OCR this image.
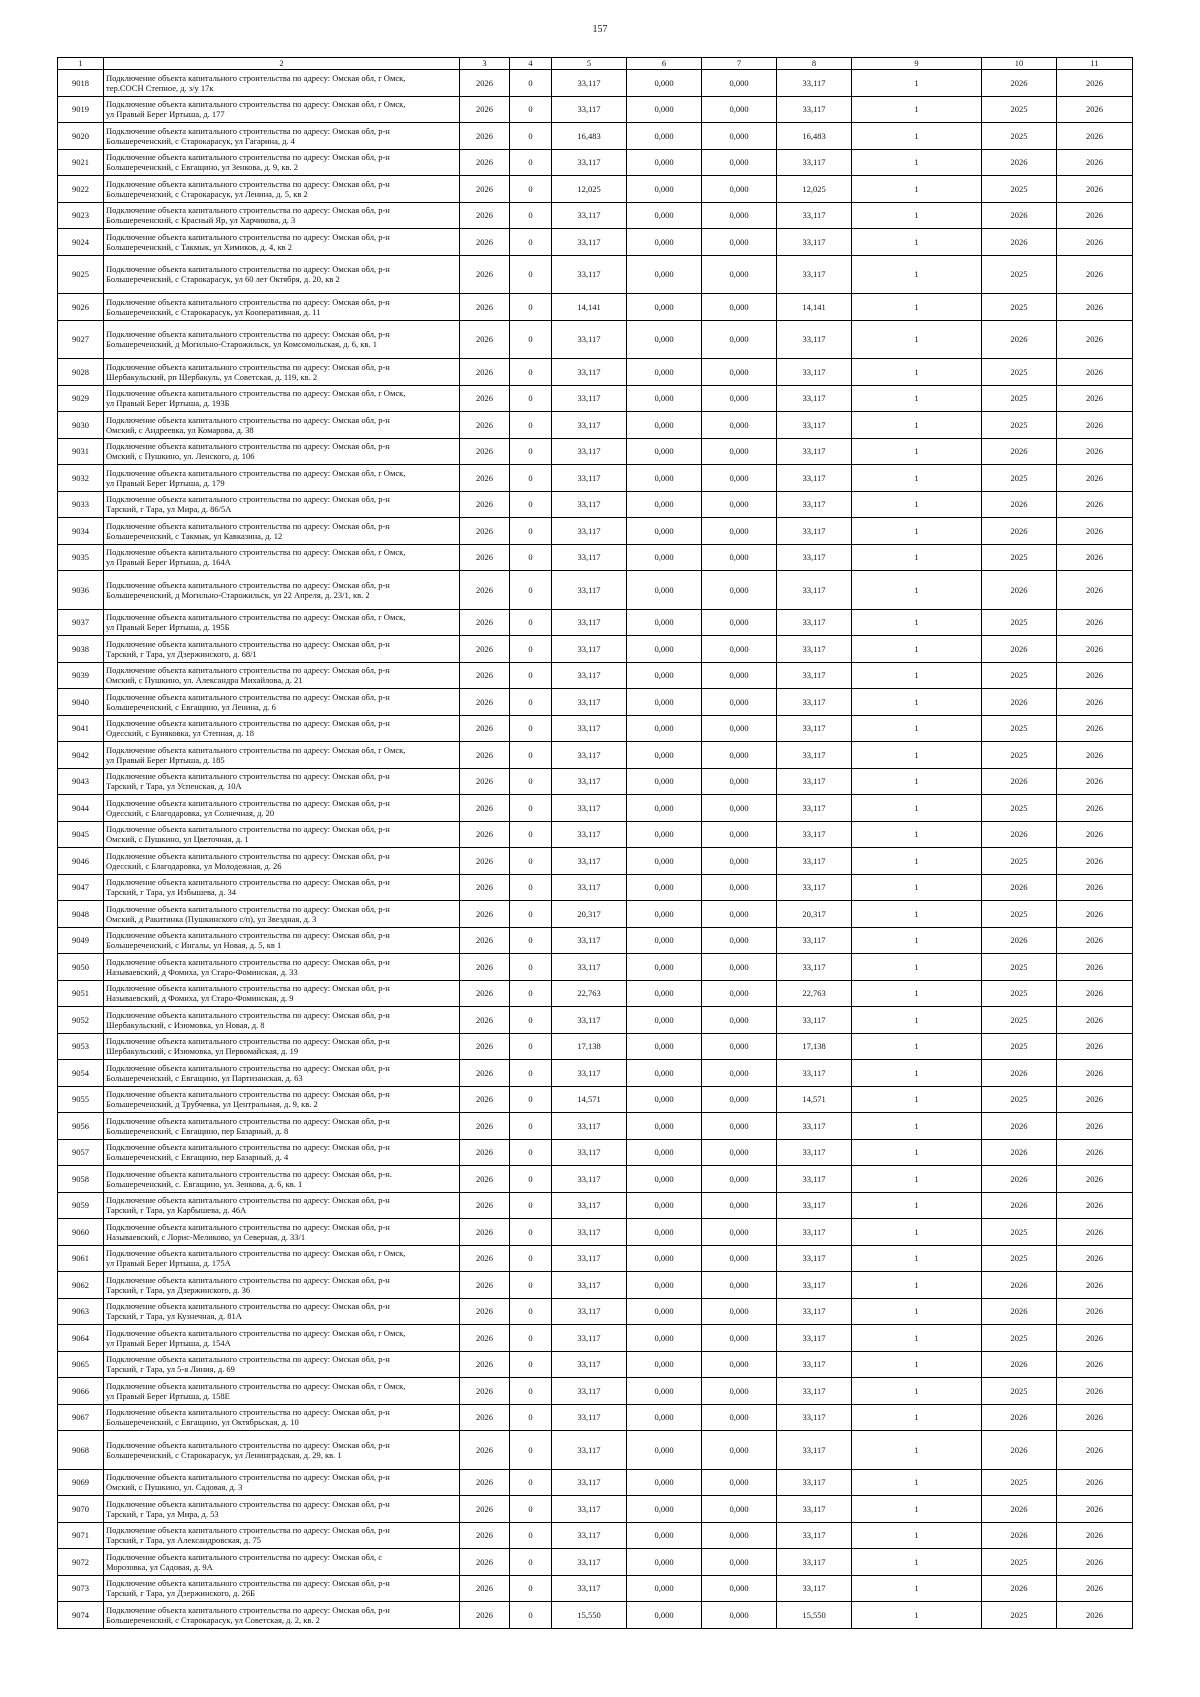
157
1	2	3	4	5	6	7	8	9	10	11
9018	Подключение объекта капитального строительства по адресу: Омская обл, г Омск,
тер.СОСН Степное, д. з/у 17к	2026	0	33,117	0,000	0,000	33,117	1	2026	2026
9019	Подключение объекта капитального строительства по адресу: Омская обл, г Омск,
ул Правый Берег Иртыша, д. 177	2026	0	33,117	0,000	0,000	33,117	1	2025	2026
9020	Подключение объекта капитального строительства по адресу: Омская обл, р-н
Большереченский, с Старокарасук, ул Гагарина, д. 4	2026	0	16,483	0,000	0,000	16,483	1	2025	2026
9021	Подключение объекта капитального строительства по адресу: Омская обл, р-н
Большереченский, с Евгащино, ул Зенкова, д. 9, кв. 2	2026	0	33,117	0,000	0,000	33,117	1	2026	2026
9022	Подключение объекта капитального строительства по адресу: Омская обл, р-н
Большереченский, с Старокарасук, ул Ленина, д. 5, кв 2	2026	0	12,025	0,000	0,000	12,025	1	2025	2026
9023	Подключение объекта капитального строительства по адресу: Омская обл, р-н
Большереченский, с Красный Яр, ул Харчикова, д. 3	2026	0	33,117	0,000	0,000	33,117	1	2026	2026
9024	Подключение объекта капитального строительства по адресу: Омская обл, р-н
Большереченский, с Такмык, ул Химиков, д. 4, кв 2	2026	0	33,117	0,000	0,000	33,117	1	2026	2026
9025	Подключение объекта капитального строительства по адресу: Омская обл, р-н
Большереченский, с Старокарасук, ул 60 лет Октября, д. 20, кв 2	2026	0	33,117	0,000	0,000	33,117	1	2025	2026
9026	Подключение объекта капитального строительства по адресу: Омская обл, р-н
Большереченский, с Старокарасук, ул Кооперативная, д. 11	2026	0	14,141	0,000	0,000	14,141	1	2025	2026
9027	Подключение объекта капитального строительства по адресу: Омская обл, р-н
Большереченский, д Могильно-Старожильск, ул Комсомольская, д. 6, кв. 1	2026	0	33,117	0,000	0,000	33,117	1	2026	2026
9028	Подключение объекта капитального строительства по адресу: Омская обл, р-н
Шербакульский, рп Шербакуль, ул Советская, д. 119, кв. 2	2026	0	33,117	0,000	0,000	33,117	1	2025	2026
9029	Подключение объекта капитального строительства по адресу: Омская обл, г Омск,
ул Правый Берег Иртыша, д. 193Б	2026	0	33,117	0,000	0,000	33,117	1	2025	2026
9030	Подключение объекта капитального строительства по адресу: Омская обл, р-н
Омский, с Андреевка, ул Комарова, д. 38	2026	0	33,117	0,000	0,000	33,117	1	2025	2026
9031	Подключение объекта капитального строительства по адресу: Омская обл, р-н
Омский, с Пушкино, ул. Ленского, д. 106	2026	0	33,117	0,000	0,000	33,117	1	2026	2026
9032	Подключение объекта капитального строительства по адресу: Омская обл, г Омск,
ул Правый Берег Иртыша, д. 179	2026	0	33,117	0,000	0,000	33,117	1	2025	2026
9033	Подключение объекта капитального строительства по адресу: Омская обл, р-н
Тарский, г Тара, ул Мира, д. 86/5А	2026	0	33,117	0,000	0,000	33,117	1	2026	2026
9034	Подключение объекта капитального строительства по адресу: Омская обл, р-н
Большереченский, с Такмык, ул Кавказина, д. 12	2026	0	33,117	0,000	0,000	33,117	1	2026	2026
9035	Подключение объекта капитального строительства по адресу: Омская обл, г Омск,
ул Правый Берег Иртыша, д. 164А	2026	0	33,117	0,000	0,000	33,117	1	2025	2026
9036	Подключение объекта капитального строительства по адресу: Омская обл, р-н
Большереченский, д Могильно-Старожильск, ул 22 Апреля, д. 23/1, кв. 2	2026	0	33,117	0,000	0,000	33,117	1	2026	2026
9037	Подключение объекта капитального строительства по адресу: Омская обл, г Омск,
ул Правый Берег Иртыша, д. 195Б	2026	0	33,117	0,000	0,000	33,117	1	2025	2026
9038	Подключение объекта капитального строительства по адресу: Омская обл, р-н
Тарский, г Тара, ул Дзержинского, д. 68/1	2026	0	33,117	0,000	0,000	33,117	1	2026	2026
9039	Подключение объекта капитального строительства по адресу: Омская обл, р-н
Омский, с Пушкино, ул. Александра Михайлова, д. 21	2026	0	33,117	0,000	0,000	33,117	1	2025	2026
9040	Подключение объекта капитального строительства по адресу: Омская обл, р-н
Большереченский, с Евгащино, ул Ленина, д. 6	2026	0	33,117	0,000	0,000	33,117	1	2026	2026
9041	Подключение объекта капитального строительства по адресу: Омская обл, р-н
Одесский, с Буняковка, ул Степная, д. 18	2026	0	33,117	0,000	0,000	33,117	1	2025	2026
9042	Подключение объекта капитального строительства по адресу: Омская обл, г Омск,
ул Правый Берег Иртыша, д. 185	2026	0	33,117	0,000	0,000	33,117	1	2025	2026
9043	Подключение объекта капитального строительства по адресу: Омская обл, р-н
Тарский, г Тара, ул Успенская, д. 10А	2026	0	33,117	0,000	0,000	33,117	1	2026	2026
9044	Подключение объекта капитального строительства по адресу: Омская обл, р-н
Одесский, с Благодаровка, ул Солнечная, д. 20	2026	0	33,117	0,000	0,000	33,117	1	2025	2026
9045	Подключение объекта капитального строительства по адресу: Омская обл, р-н
Омский, с Пушкино, ул Цветочная, д. 1	2026	0	33,117	0,000	0,000	33,117	1	2026	2026
9046	Подключение объекта капитального строительства по адресу: Омская обл, р-н
Одесский, с Благодаровка, ул Молодежная, д. 26	2026	0	33,117	0,000	0,000	33,117	1	2025	2026
9047	Подключение объекта капитального строительства по адресу: Омская обл, р-н
Тарский, г Тара, ул Избышева, д. 34	2026	0	33,117	0,000	0,000	33,117	1	2026	2026
9048	Подключение объекта капитального строительства по адресу: Омская обл, р-н
Омский, д Ракитинка (Пушкинского с/п), ул Звездная, д. 3	2026	0	20,317	0,000	0,000	20,317	1	2025	2026
9049	Подключение объекта капитального строительства по адресу: Омская обл, р-н
Большереченский, с Ингалы, ул Новая, д. 5, кв 1	2026	0	33,117	0,000	0,000	33,117	1	2026	2026
9050	Подключение объекта капитального строительства по адресу: Омская обл, р-н
Называевский, д Фомиха, ул Старо-Фоминская, д. 33	2026	0	33,117	0,000	0,000	33,117	1	2025	2026
9051	Подключение объекта капитального строительства по адресу: Омская обл, р-н
Называевский, д Фомиха, ул Старо-Фоминская, д. 9	2026	0	22,763	0,000	0,000	22,763	1	2025	2026
9052	Подключение объекта капитального строительства по адресу: Омская обл, р-н
Шербакульский, с Изюмовка, ул Новая, д. 8	2026	0	33,117	0,000	0,000	33,117	1	2025	2026
9053	Подключение объекта капитального строительства по адресу: Омская обл, р-н
Шербакульский, с Изюмовка, ул Первомайская, д. 19	2026	0	17,138	0,000	0,000	17,138	1	2025	2026
9054	Подключение объекта капитального строительства по адресу: Омская обл, р-н
Большереченский, с Евгащино, ул Партизанская, д. 63	2026	0	33,117	0,000	0,000	33,117	1	2026	2026
9055	Подключение объекта капитального строительства по адресу: Омская обл, р-н
Большереченский, д Трубчевка, ул Центральная, д. 9, кв. 2	2026	0	14,571	0,000	0,000	14,571	1	2025	2026
9056	Подключение объекта капитального строительства по адресу: Омская обл, р-н
Большереченский, с Евгащино, пер Базарный, д. 8	2026	0	33,117	0,000	0,000	33,117	1	2026	2026
9057	Подключение объекта капитального строительства по адресу: Омская обл, р-н
Большереченский, с Евгащино, пер Базарный, д. 4	2026	0	33,117	0,000	0,000	33,117	1	2026	2026
9058	Подключение объекта капитального строительства по адресу: Омская обл, р-н.
Большереченский, с. Евгащино, ул. Зенкова, д. 6, кв. 1	2026	0	33,117	0,000	0,000	33,117	1	2026	2026
9059	Подключение объекта капитального строительства по адресу: Омская обл, р-н
Тарский, г Тара, ул Карбышева, д. 46А	2026	0	33,117	0,000	0,000	33,117	1	2026	2026
9060	Подключение объекта капитального строительства по адресу: Омская обл, р-н
Называевский, с Лорис-Меликово, ул Северная, д. 33/1	2026	0	33,117	0,000	0,000	33,117	1	2025	2026
9061	Подключение объекта капитального строительства по адресу: Омская обл, г Омск,
ул Правый Берег Иртыша, д. 175А	2026	0	33,117	0,000	0,000	33,117	1	2025	2026
9062	Подключение объекта капитального строительства по адресу: Омская обл, р-н
Тарский, г Тара, ул Дзержинского, д. 36	2026	0	33,117	0,000	0,000	33,117	1	2026	2026
9063	Подключение объекта капитального строительства по адресу: Омская обл, р-н
Тарский, г Тара, ул Кузнечная, д. 81А	2026	0	33,117	0,000	0,000	33,117	1	2026	2026
9064	Подключение объекта капитального строительства по адресу: Омская обл, г Омск,
ул Правый Берег Иртыша, д. 154А	2026	0	33,117	0,000	0,000	33,117	1	2025	2026
9065	Подключение объекта капитального строительства по адресу: Омская обл, р-н
Тарский, г Тара, ул 5-я Линия, д. 69	2026	0	33,117	0,000	0,000	33,117	1	2026	2026
9066	Подключение объекта капитального строительства по адресу: Омская обл, г Омск,
ул Правый Берег Иртыша, д. 158Е	2026	0	33,117	0,000	0,000	33,117	1	2025	2026
9067	Подключение объекта капитального строительства по адресу: Омская обл, р-н
Большереченский, с Евгащино, ул Октябрьская, д. 10	2026	0	33,117	0,000	0,000	33,117	1	2026	2026
9068	Подключение объекта капитального строительства по адресу: Омская обл, р-н
Большереченский, с Старокарасук, ул Ленинградская, д. 29, кв. 1	2026	0	33,117	0,000	0,000	33,117	1	2026	2026
9069	Подключение объекта капитального строительства по адресу: Омская обл, р-н
Омский, с Пушкино, ул. Садовая, д. 3	2026	0	33,117	0,000	0,000	33,117	1	2025	2026
9070	Подключение объекта капитального строительства по адресу: Омская обл, р-н
Тарский, г Тара, ул Мира, д. 53	2026	0	33,117	0,000	0,000	33,117	1	2026	2026
9071	Подключение объекта капитального строительства по адресу: Омская обл, р-н
Тарский, г Тара, ул Александровская, д. 75	2026	0	33,117	0,000	0,000	33,117	1	2026	2026
9072	Подключение объекта капитального строительства по адресу: Омская обл, с
Морозовка, ул Садовая, д. 9А	2026	0	33,117	0,000	0,000	33,117	1	2025	2026
9073	Подключение объекта капитального строительства по адресу: Омская обл, р-н
Тарский, г Тара, ул Дзержинского, д. 26Б	2026	0	33,117	0,000	0,000	33,117	1	2026	2026
9074	Подключение объекта капитального строительства по адресу: Омская обл, р-н
Большереченский, с Старокарасук, ул Советская, д. 2, кв. 2	2026	0	15,550	0,000	0,000	15,550	1	2025	2026
